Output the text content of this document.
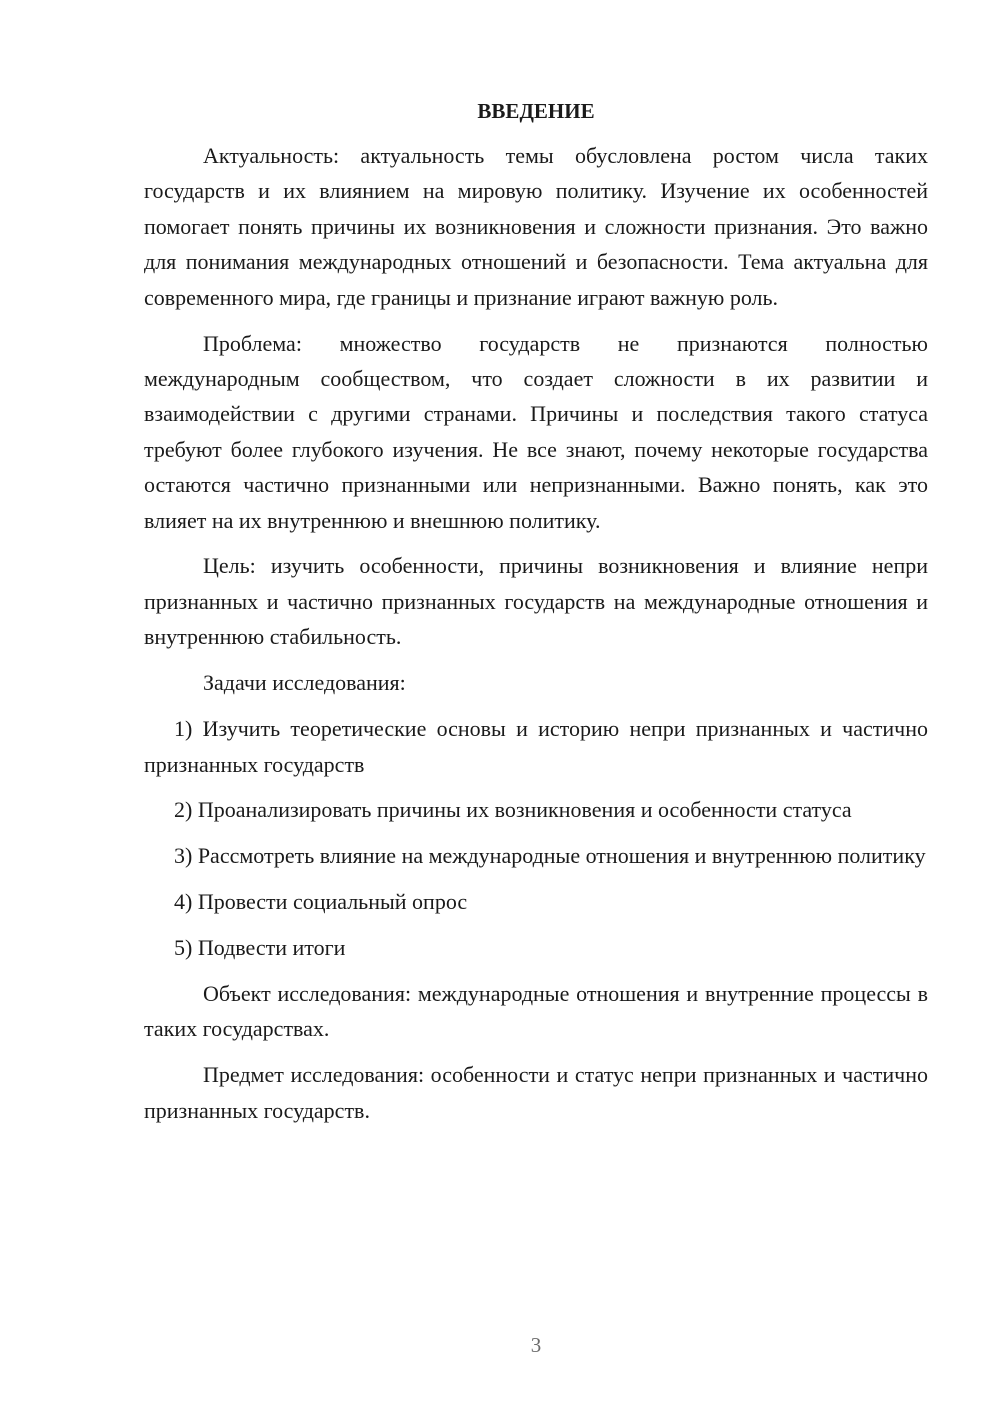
ВВЕДЕНИЕ

Актуальность: актуальность темы обусловлена ростом числа таких государств и их влиянием на мировую политику. Изучение их особенностей помогает понять причины их возникновения и сложности признания. Это важно для понимания международных отношений и безопасности. Тема актуальна для современного мира, где границы и признание играют важную роль.

Проблема: множество государств не признаются полностью международным сообществом, что создает сложности в их развитии и взаимодействии с другими странами. Причины и последствия такого статуса требуют более глубокого изучения. Не все знают, почему некоторые государства остаются частично признанными или непризнанными. Важно понять, как это влияет на их внутреннюю и внешнюю политику.

Цель: изучить особенности, причины возникновения и влияние непри признанных и частично признанных государств на международные отношения и внутреннюю стабильность.

Задачи исследования:

1) Изучить теоретические основы и историю непри признанных и частично признанных государств

2) Проанализировать причины их возникновения и особенности статуса

3) Рассмотреть влияние на международные отношения и внутреннюю политику

4) Провести социальный опрос

5) Подвести итоги

Объект исследования: международные отношения и внутренние процессы в таких государствах.

Предмет исследования: особенности и статус непри признанных и частично признанных государств.

3
